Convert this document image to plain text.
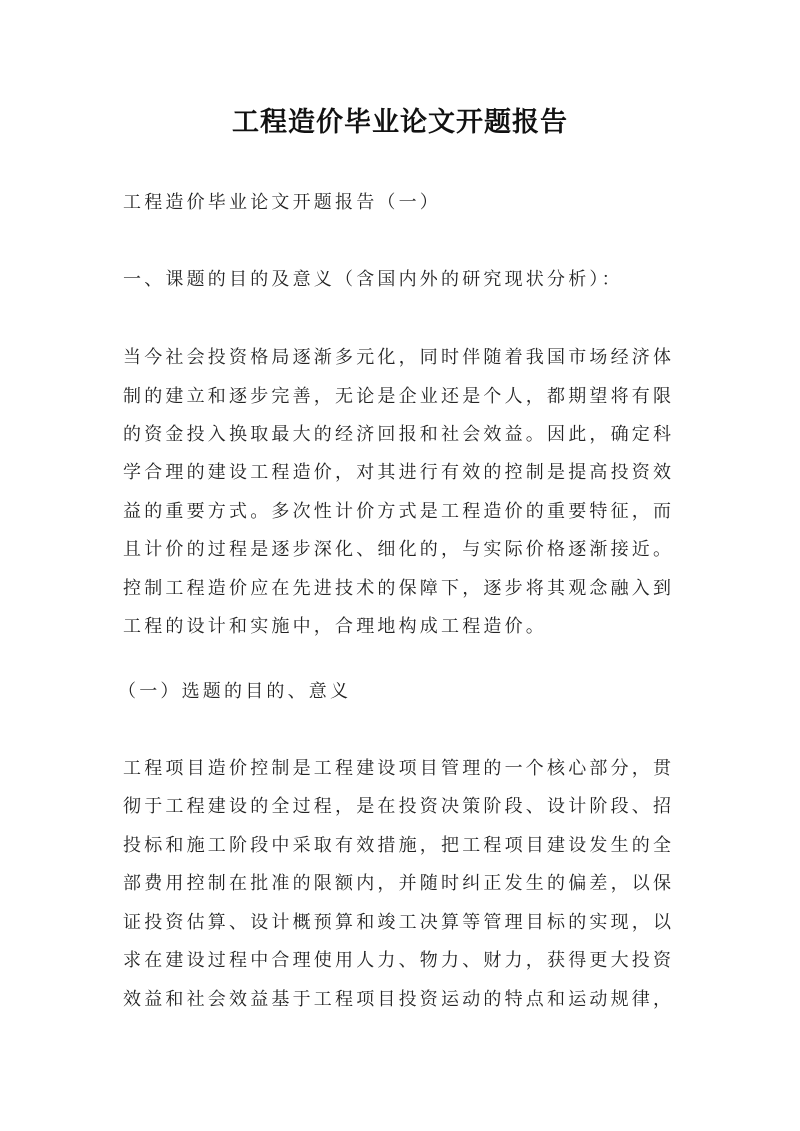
工程造价毕业论文开题报告
工程造价毕业论文开题报告（一）
一、课题的目的及意义（含国内外的研究现状分析）：
当今社会投资格局逐渐多元化，同时伴随着我国市场经济体
制的建立和逐步完善，无论是企业还是个人，都期望将有限
的资金投入换取最大的经济回报和社会效益。因此，确定科
学合理的建设工程造价，对其进行有效的控制是提高投资效
益的重要方式。多次性计价方式是工程造价的重要特征，而
且计价的过程是逐步深化、细化的，与实际价格逐渐接近。
控制工程造价应在先进技术的保障下，逐步将其观念融入到
工程的设计和实施中，合理地构成工程造价。
（一）选题的目的、意义
工程项目造价控制是工程建设项目管理的一个核心部分，贯
彻于工程建设的全过程，是在投资决策阶段、设计阶段、招
投标和施工阶段中采取有效措施，把工程项目建设发生的全
部费用控制在批准的限额内，并随时纠正发生的偏差，以保
证投资估算、设计概预算和竣工决算等管理目标的实现，以
求在建设过程中合理使用人力、物力、财力，获得更大投资
效益和社会效益基于工程项目投资运动的特点和运动规律，
